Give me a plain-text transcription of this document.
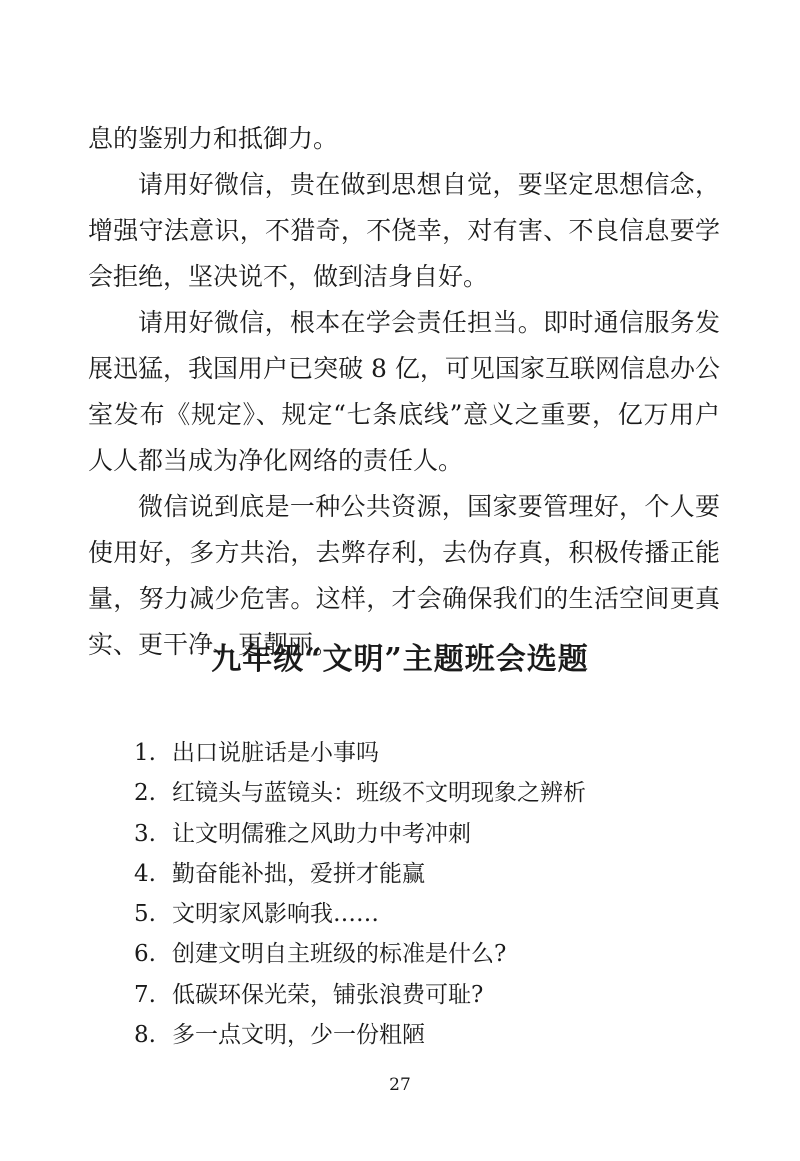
息的鉴别力和抵御力。

请用好微信，贵在做到思想自觉，要坚定思想信念，增强守法意识，不猎奇，不侥幸，对有害、不良信息要学会拒绝，坚决说不，做到洁身自好。

请用好微信，根本在学会责任担当。即时通信服务发展迅猛，我国用户已突破 8 亿，可见国家互联网信息办公室发布《规定》、规定“七条底线”意义之重要，亿万用户人人都当成为净化网络的责任人。

微信说到底是一种公共资源，国家要管理好，个人要使用好，多方共治，去弊存利，去伪存真，积极传播正能量，努力减少危害。这样，才会确保我们的生活空间更真实、更干净、更靓丽。

九年级“文明”主题班会选题
1. 出口说脏话是小事吗
2. 红镜头与蓝镜头：班级不文明现象之辨析
3. 让文明儒雅之风助力中考冲刺
4. 勤奋能补拙，爱拼才能赢
5. 文明家风影响我……
6. 创建文明自主班级的标准是什么?
7. 低碳环保光荣，铺张浪费可耻?
8. 多一点文明，少一份粗陋
27
